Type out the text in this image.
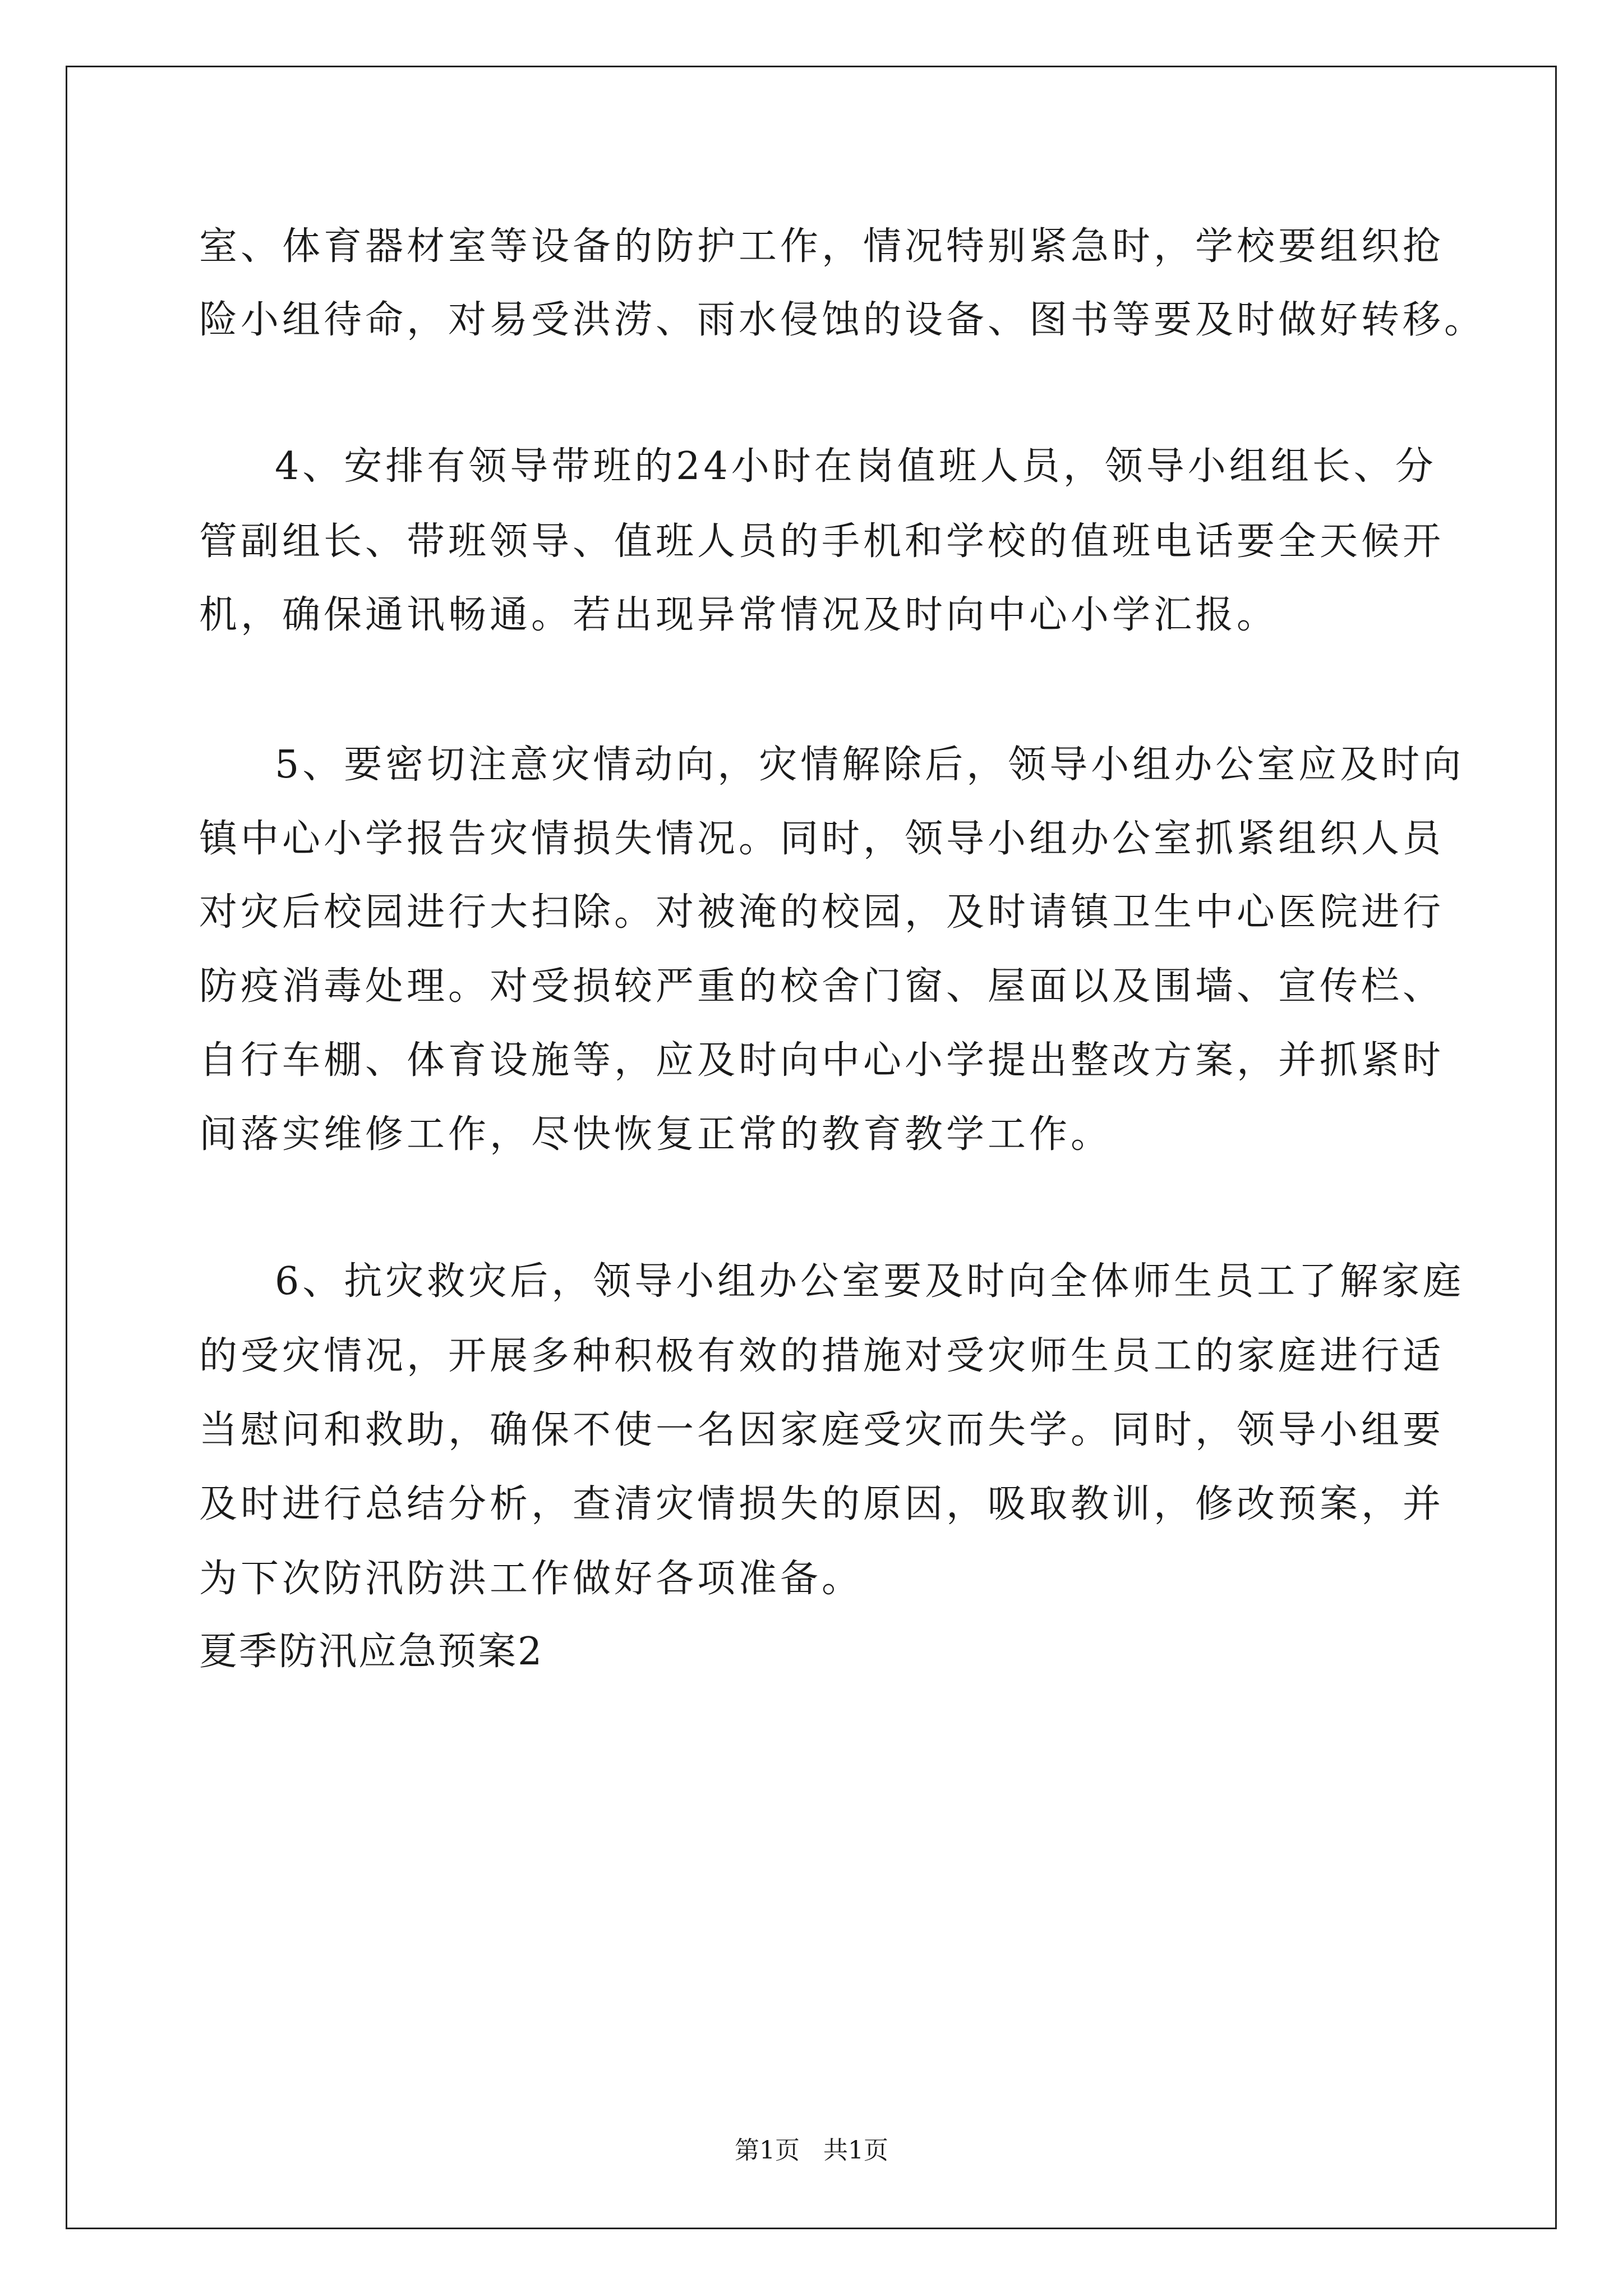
室、体育器材室等设备的防护工作，情况特别紧急时，学校要组织抢
险小组待命，对易受洪涝、雨水侵蚀的设备、图书等要及时做好转移。
4、安排有领导带班的24小时在岗值班人员，领导小组组长、分
管副组长、带班领导、值班人员的手机和学校的值班电话要全天候开
机，确保通讯畅通。若出现异常情况及时向中心小学汇报。
5、要密切注意灾情动向，灾情解除后，领导小组办公室应及时向
镇中心小学报告灾情损失情况。同时，领导小组办公室抓紧组织人员
对灾后校园进行大扫除。对被淹的校园，及时请镇卫生中心医院进行
防疫消毒处理。对受损较严重的校舍门窗、屋面以及围墙、宣传栏、
自行车棚、体育设施等，应及时向中心小学提出整改方案，并抓紧时
间落实维修工作，尽快恢复正常的教育教学工作。
6、抗灾救灾后，领导小组办公室要及时向全体师生员工了解家庭
的受灾情况，开展多种积极有效的措施对受灾师生员工的家庭进行适
当慰问和救助，确保不使一名因家庭受灾而失学。同时，领导小组要
及时进行总结分析，查清灾情损失的原因，吸取教训，修改预案，并
为下次防汛防洪工作做好各项准备。
夏季防汛应急预案2
第1页   共1页
